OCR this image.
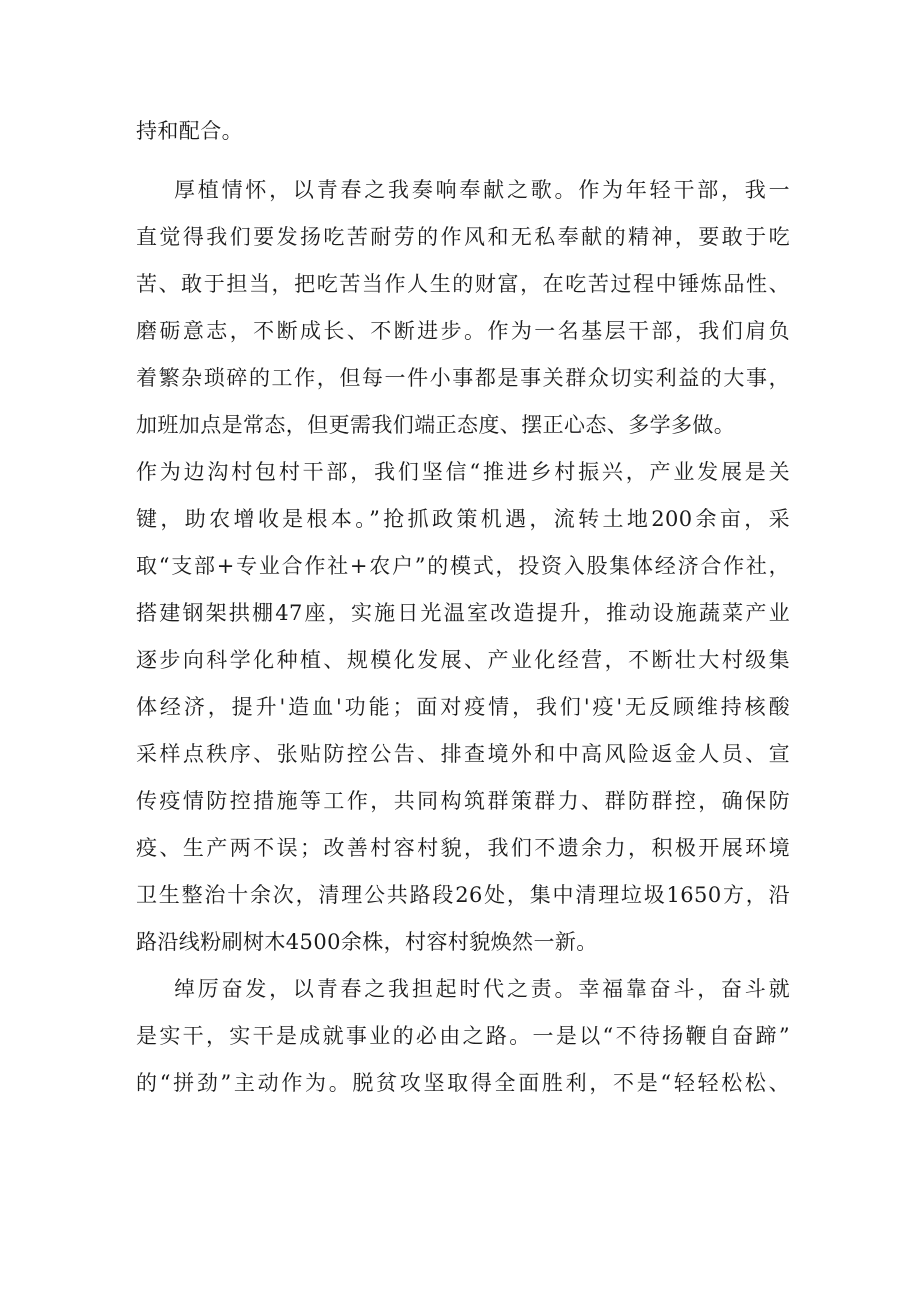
持和配合。
厚植情怀，以青春之我奏响奉献之歌。作为年轻干部，我一
直觉得我们要发扬吃苦耐劳的作风和无私奉献的精神，要敢于吃
苦、敢于担当，把吃苦当作人生的财富，在吃苦过程中锤炼品性、
磨砺意志，不断成长、不断进步。作为一名基层干部，我们肩负
着繁杂琐碎的工作，但每一件小事都是事关群众切实利益的大事，
加班加点是常态，但更需我们端正态度、摆正心态、多学多做。
作为边沟村包村干部，我们坚信“推进乡村振兴，产业发展是关
键，助农增收是根本。”抢抓政策机遇，流转土地200余亩，采
取“支部+专业合作社+农户”的模式，投资入股集体经济合作社，
搭建钢架拱棚47座，实施日光温室改造提升，推动设施蔬菜产业
逐步向科学化种植、规模化发展、产业化经营，不断壮大村级集
体经济，提升'造血'功能；面对疫情，我们'疫'无反顾维持核酸
采样点秩序、张贴防控公告、排查境外和中高风险返金人员、宣
传疫情防控措施等工作，共同构筑群策群力、群防群控，确保防
疫、生产两不误；改善村容村貌，我们不遗余力，积极开展环境
卫生整治十余次，清理公共路段26处，集中清理垃圾1650方，沿
路沿线粉刷树木4500余株，村容村貌焕然一新。
绰厉奋发，以青春之我担起时代之责。幸福靠奋斗，奋斗就
是实干，实干是成就事业的必由之路。一是以“不待扬鞭自奋蹄”
的“拼劲”主动作为。脱贫攻坚取得全面胜利，不是“轻轻松松、
